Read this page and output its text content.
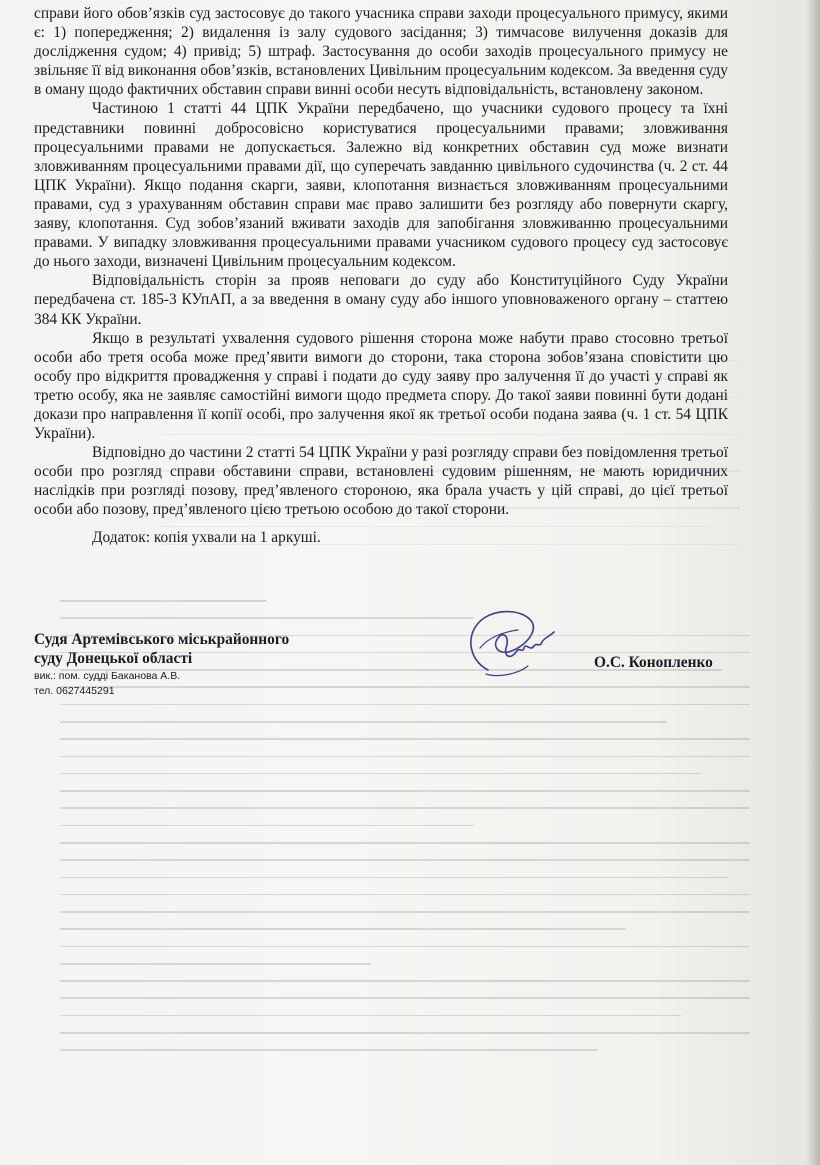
справи його обов’язків суд застосовує до такого учасника справи заходи процесуального примусу, якими є: 1) попередження; 2) видалення із залу судового засідання; 3) тимчасове вилучення доказів для дослідження судом; 4) привід; 5) штраф. Застосування до особи заходів процесуального примусу не звільняє її від виконання обов’язків, встановлених Цивільним процесуальним кодексом. За введення суду в оману щодо фактичних обставин справи винні особи несуть відповідальність, встановлену законом.

Частиною 1 статті 44 ЦПК України передбачено, що учасники судового процесу та їхні представники повинні добросовісно користуватися процесуальними правами; зловживання процесуальними правами не допускається. Залежно від конкретних обставин суд може визнати зловживанням процесуальними правами дії, що суперечать завданню цивільного судочинства (ч. 2 ст. 44 ЦПК України). Якщо подання скарги, заяви, клопотання визнається зловживанням процесуальними правами, суд з урахуванням обставин справи має право залишити без розгляду або повернути скаргу, заяву, клопотання. Суд зобов’язаний вживати заходів для запобігання зловживанню процесуальними правами. У випадку зловживання процесуальними правами учасником судового процесу суд застосовує до нього заходи, визначені Цивільним процесуальним кодексом.

Відповідальність сторін за прояв неповаги до суду або Конституційного Суду України передбачена ст. 185-3 КУпАП, а за введення в оману суду або іншого уповноваженого органу – статтею 384 КК України.

Якщо в результаті ухвалення судового рішення сторона може набути право стосовно третьої особи або третя особа може пред’явити вимоги до сторони, така сторона зобов’язана сповістити цю особу про відкриття провадження у справі і подати до суду заяву про залучення її до участі у справі як третю особу, яка не заявляє самостійні вимоги щодо предмета спору. До такої заяви повинні бути додані докази про направлення її копії особі, про залучення якої як третьої особи подана заява (ч. 1 ст. 54 ЦПК України).

Відповідно до частини 2 статті 54 ЦПК України у разі розгляду справи без повідомлення третьої особи про розгляд справи обставини справи, встановлені судовим рішенням, не мають юридичних наслідків при розгляді позову, пред’явленого стороною, яка брала участь у цій справі, до цієї третьої особи або позову, пред’явленого цією третьою особою до такої сторони.

Додаток: копія ухвали на 1 аркуші.

Судя Артемівського міськрайонного
суду Донецької області
вик.: пом. судді Баканова А.В.
тел. 0627445291
О.С. Конопленко
